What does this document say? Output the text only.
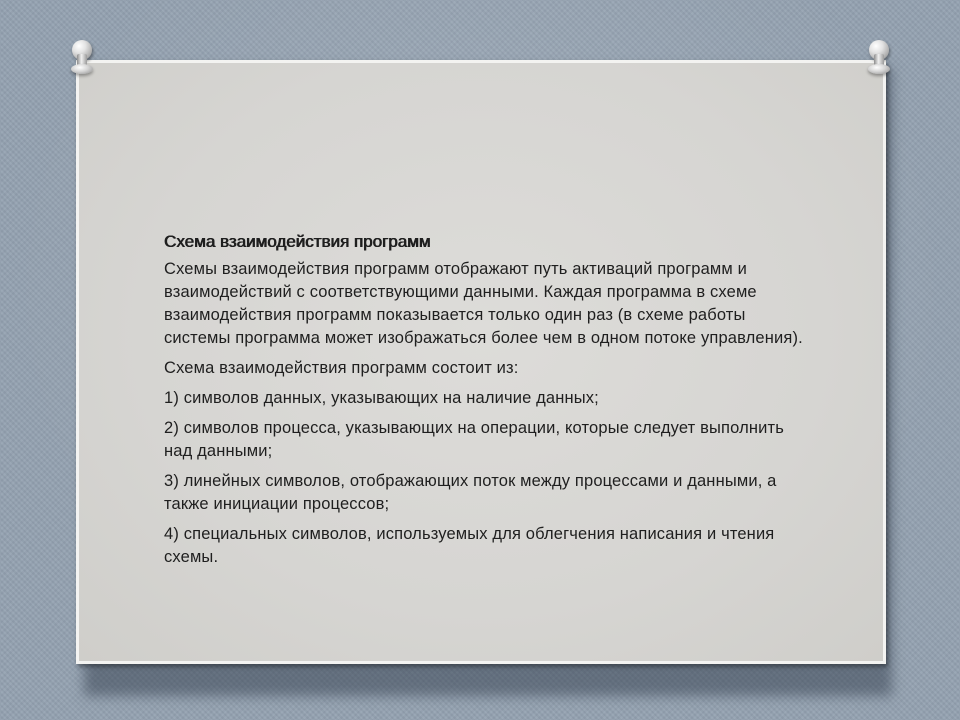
Схема взаимодействия программ
Схемы взаимодействия программ отображают путь активаций программ и взаимодействий с соответствующими данными. Каждая программа в схеме взаимодействия программ показывается только один раз (в схеме работы системы программа может изображаться более чем в одном потоке управления).
Схема взаимодействия программ состоит из:
1) символов данных, указывающих на наличие данных;
2) символов процесса, указывающих на операции, которые следует выполнить над данными;
3) линейных символов, отображающих поток между процессами и данными, а также инициации процессов;
4) специальных символов, используемых для облегчения написания и чтения схемы.
